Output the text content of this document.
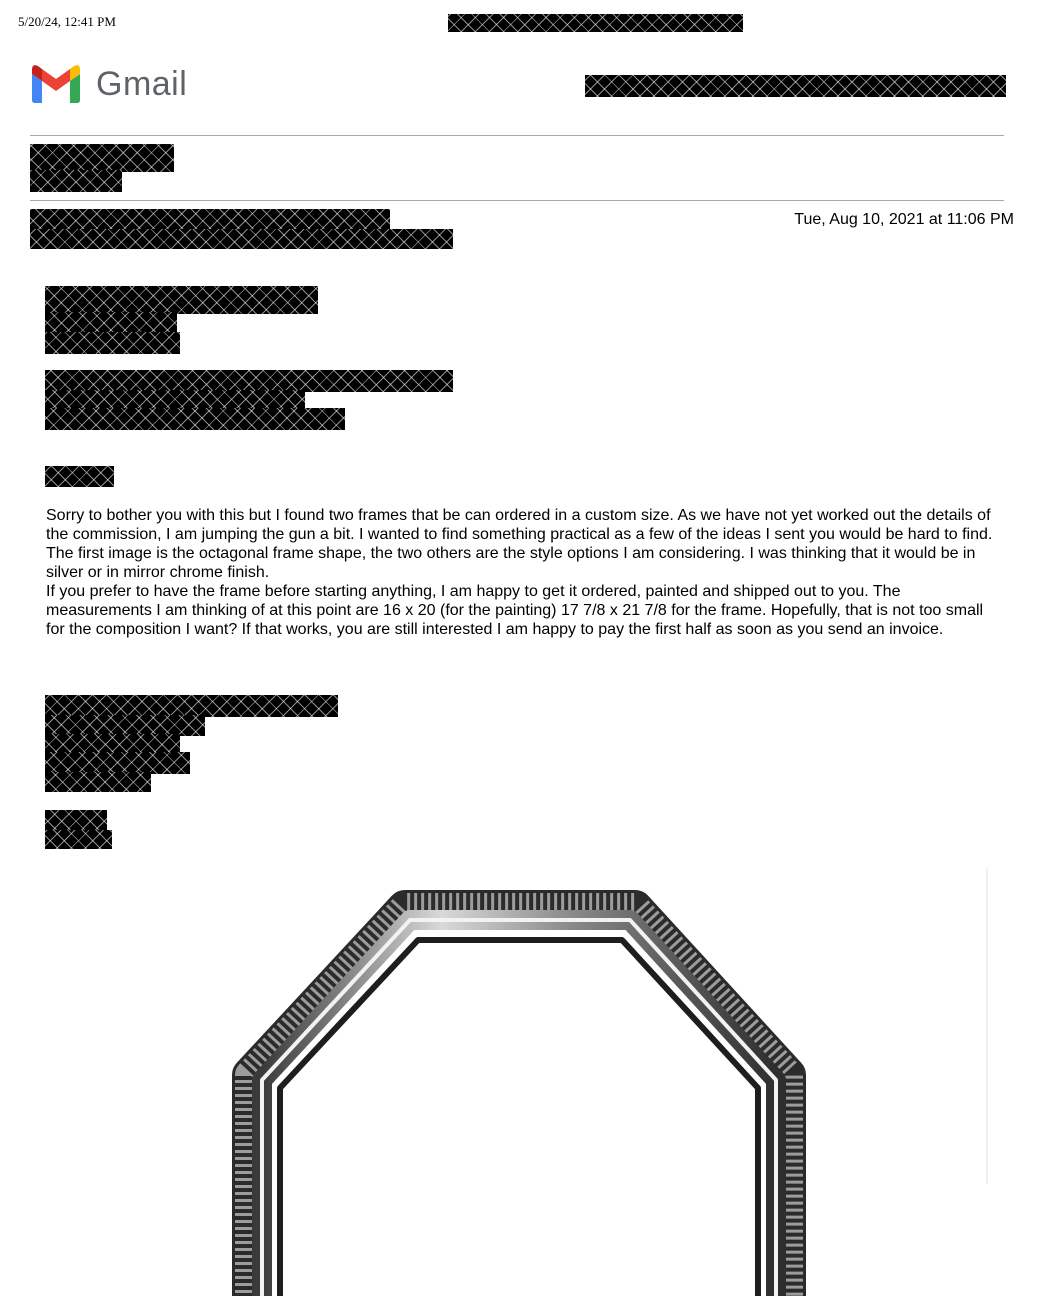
5/20/24, 12:41 PM
Gmail
Tue, Aug 10, 2021 at 11:06 PM

Sorry to bother you with this but I found two frames that be can ordered in a custom size. As we have not yet worked out the details of the commission, I am jumping the gun a bit. I wanted to find something practical as a few of the ideas I sent you would be hard to find.

The first image is the octagonal frame shape, the two others are the style options I am considering. I was thinking that it would be in silver or in mirror chrome finish.

If you prefer to have the frame before starting anything, I am happy to get it ordered, painted and shipped out to you. The measurements I am thinking of at this point are 16 x 20 (for the painting) 17 7/8 x 21 7/8 for the frame. Hopefully, that is not too small for the composition I want? If that works, you are still interested I am happy to pay the first half as soon as you send an invoice.
